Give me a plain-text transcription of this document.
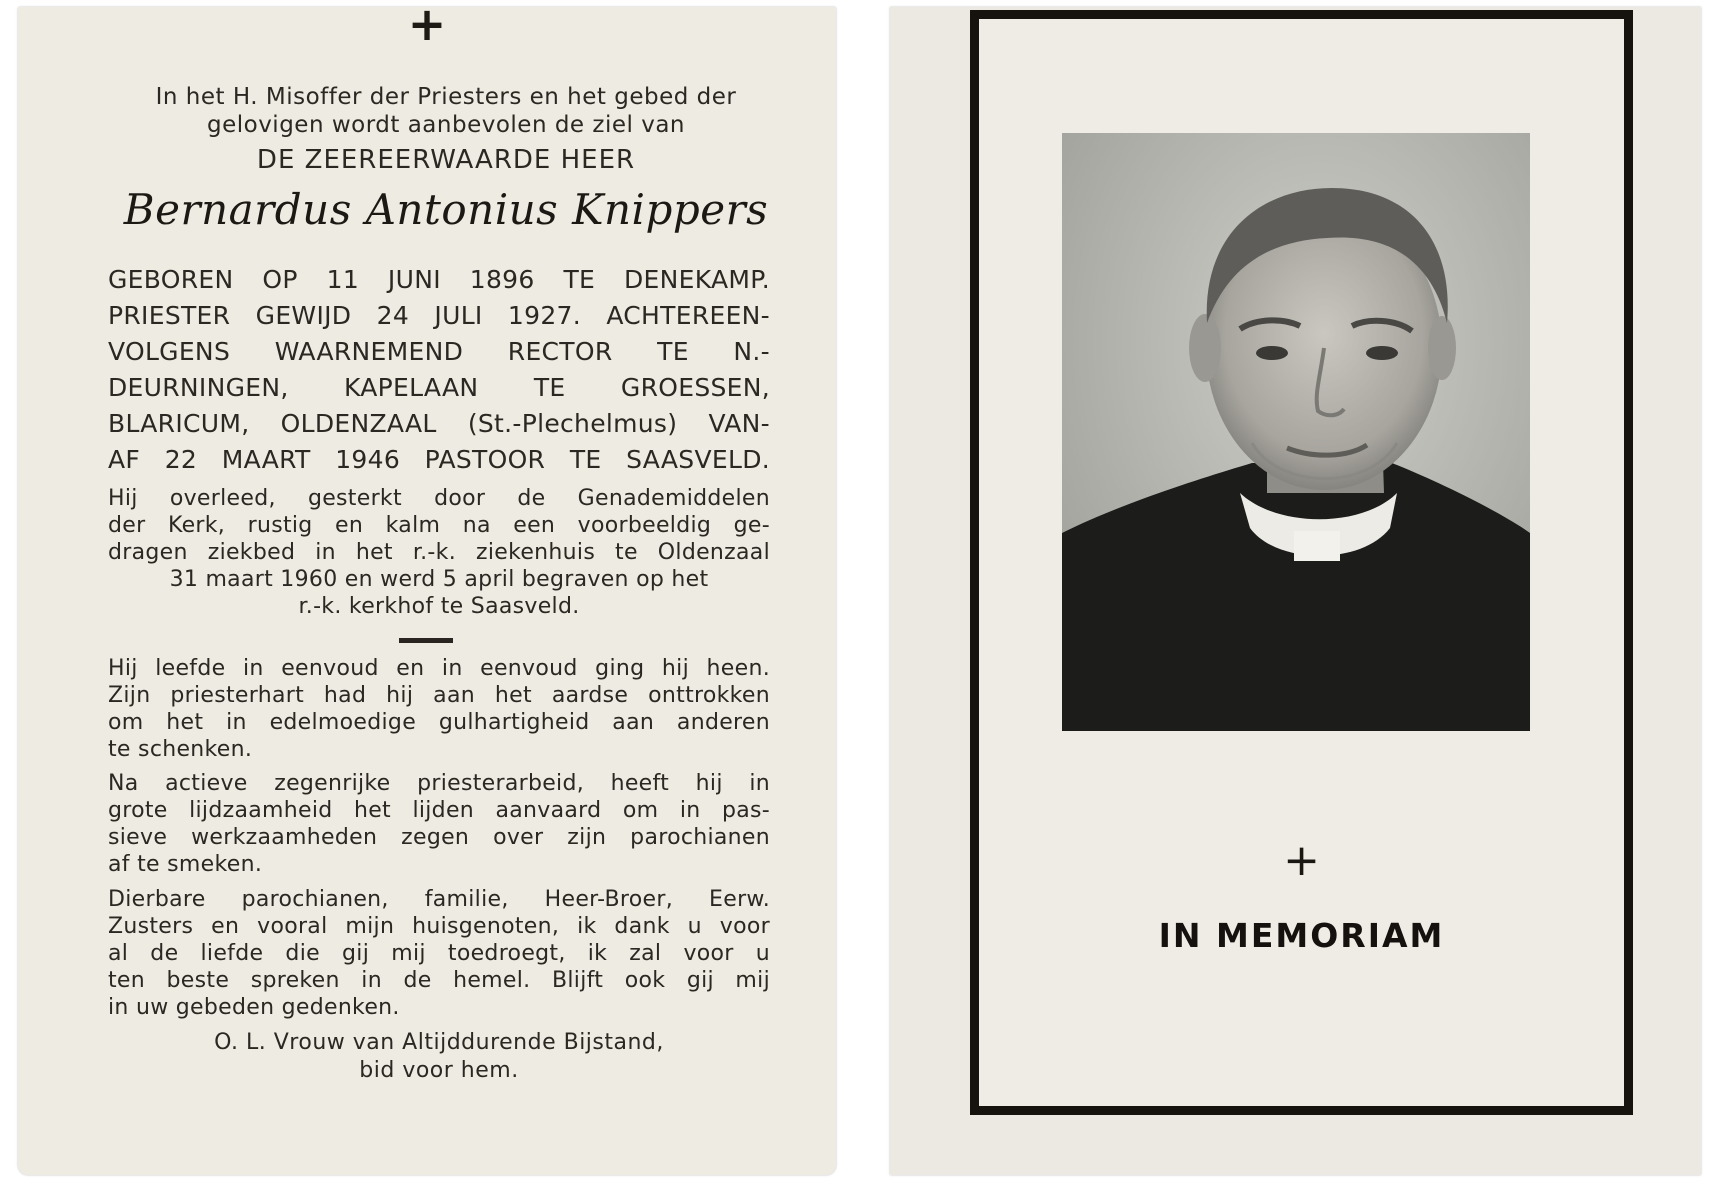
+
In het H. Misoffer der Priesters en het gebed der
gelovigen wordt aanbevolen de ziel van
DE ZEEREERWAARDE HEER
Bernardus Antonius Knippers
GEBOREN OP 11 JUNI 1896 TE DENEKAMP.
PRIESTER GEWIJD 24 JULI 1927. ACHTEREEN-
VOLGENS WAARNEMEND RECTOR TE N.-
DEURNINGEN, KAPELAAN TE GROESSEN,
BLARICUM, OLDENZAAL (St.-Plechelmus) VAN-
AF 22 MAART 1946 PASTOOR TE SAASVELD.
Hij overleed, gesterkt door de Genademiddelen
der Kerk, rustig en kalm na een voorbeeldig ge-
dragen ziekbed in het r.-k. ziekenhuis te Oldenzaal
31 maart 1960 en werd 5 april begraven op het
r.-k. kerkhof te Saasveld.
Hij leefde in eenvoud en in eenvoud ging hij heen.
Zijn priesterhart had hij aan het aardse onttrokken
om het in edelmoedige gulhartigheid aan anderen
te schenken.
Na actieve zegenrijke priesterarbeid, heeft hij in
grote lijdzaamheid het lijden aanvaard om in pas-
sieve werkzaamheden zegen over zijn parochianen
af te smeken.
Dierbare parochianen, familie, Heer-Broer, Eerw.
Zusters en vooral mijn huisgenoten, ik dank u voor
al de liefde die gij mij toedroegt, ik zal voor u
ten beste spreken in de hemel. Blijft ook gij mij
in uw gebeden gedenken.
O. L. Vrouw van Altijddurende Bijstand,
bid voor hem.
+
IN MEMORIAM
